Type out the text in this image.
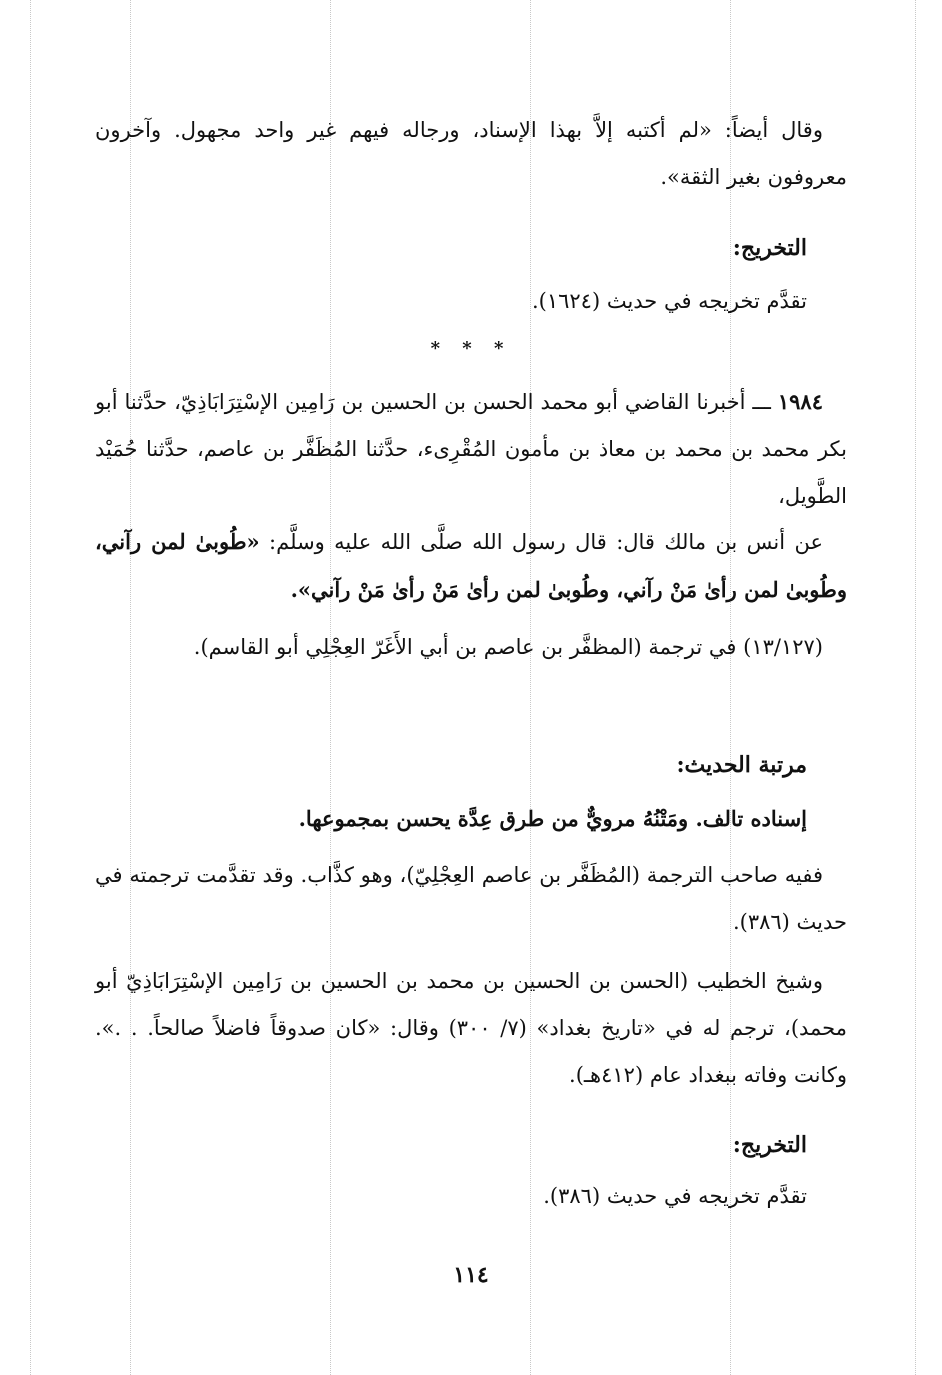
وقال أيضاً: «لم أكتبه إلاَّ بهذا الإسناد، ورجاله فيهم غير واحد مجهول. وآخرون معروفون بغير الثقة».
التخريج:
تقدَّم تخريجه في حديث (١٦٢٤).
* * *
١٩٨٤ ـــ أخبرنا القاضي أبو محمد الحسن بن الحسين بن رَامِين الإسْتِرَابَاذِيّ، حدَّثنا أبو بكر محمد بن محمد بن معاذ بن مأمون المُقْرِىء، حدَّثنا المُظَفَّر بن عاصم، حدَّثنا حُمَيْد الطَّويل،
عن أنس بن مالك قال: قال رسول الله صلَّى الله عليه وسلَّم: «طُوبىٰ لمن رآني، وطُوبىٰ لمن رأىٰ مَنْ رآني، وطُوبىٰ لمن رأىٰ مَنْ رأىٰ مَنْ رآني».
(١٣/١٢٧) في ترجمة (المظفَّر بن عاصم بن أبي الأَغَرّ العِجْلِي أبو القاسم).
مرتبة الحديث:
إسناده تالف. ومَتْنُهُ مرويٌّ من طرق عِدَّة يحسن بمجموعها.
ففيه صاحب الترجمة (المُظَفَّر بن عاصم العِجْلِيّ)، وهو كذَّاب. وقد تقدَّمت ترجمته في حديث (٣٨٦).
وشيخ الخطيب (الحسن بن الحسين بن محمد بن الحسين بن رَامِين الإسْتِرَابَاذِيّ أبو محمد)، ترجم له في «تاريخ بغداد» (٧/ ٣٠٠) وقال: «كان صدوقاً فاضلاً صالحاً. . .». وكانت وفاته ببغداد عام (٤١٢هـ).
التخريج:
تقدَّم تخريجه في حديث (٣٨٦).
١١٤
